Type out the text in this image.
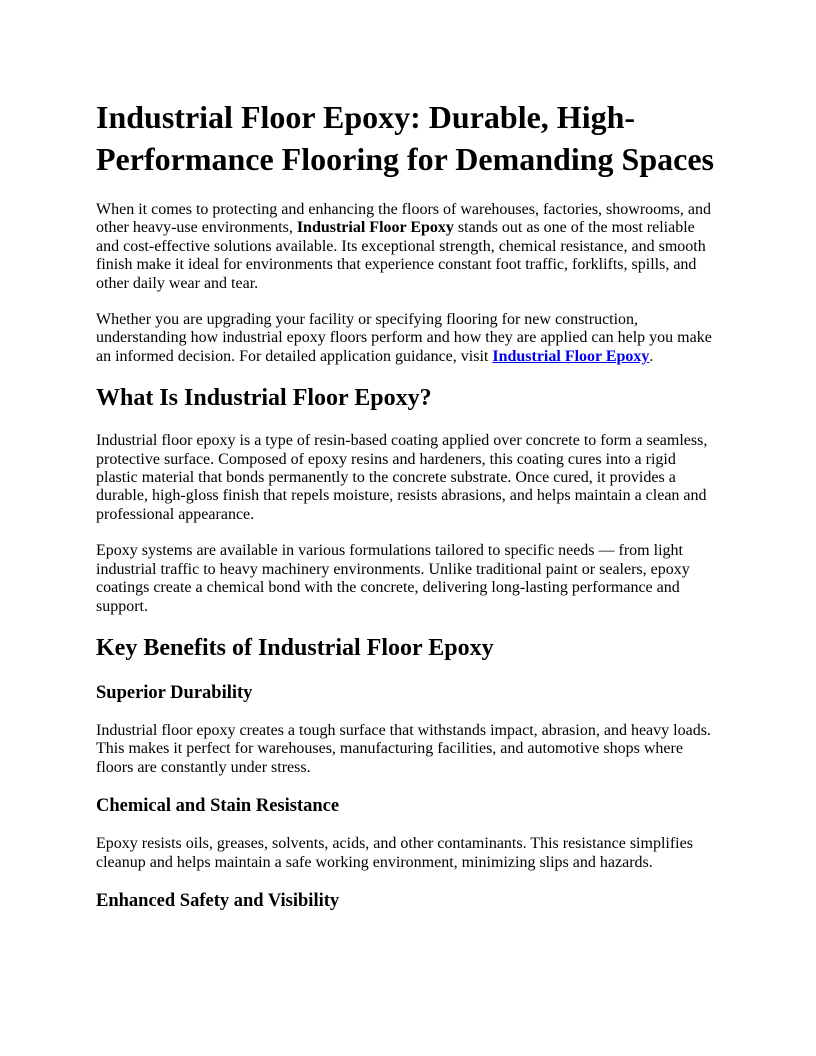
Industrial Floor Epoxy: Durable, High-Performance Flooring for Demanding Spaces

When it comes to protecting and enhancing the floors of warehouses, factories, showrooms, and other heavy-use environments, Industrial Floor Epoxy stands out as one of the most reliable and cost-effective solutions available. Its exceptional strength, chemical resistance, and smooth finish make it ideal for environments that experience constant foot traffic, forklifts, spills, and other daily wear and tear.

Whether you are upgrading your facility or specifying flooring for new construction, understanding how industrial epoxy floors perform and how they are applied can help you make an informed decision. For detailed application guidance, visit Industrial Floor Epoxy.

What Is Industrial Floor Epoxy?

Industrial floor epoxy is a type of resin-based coating applied over concrete to form a seamless, protective surface. Composed of epoxy resins and hardeners, this coating cures into a rigid plastic material that bonds permanently to the concrete substrate. Once cured, it provides a durable, high-gloss finish that repels moisture, resists abrasions, and helps maintain a clean and professional appearance.

Epoxy systems are available in various formulations tailored to specific needs — from light industrial traffic to heavy machinery environments. Unlike traditional paint or sealers, epoxy coatings create a chemical bond with the concrete, delivering long-lasting performance and support.

Key Benefits of Industrial Floor Epoxy
Superior Durability

Industrial floor epoxy creates a tough surface that withstands impact, abrasion, and heavy loads. This makes it perfect for warehouses, manufacturing facilities, and automotive shops where floors are constantly under stress.

Chemical and Stain Resistance

Epoxy resists oils, greases, solvents, acids, and other contaminants. This resistance simplifies cleanup and helps maintain a safe working environment, minimizing slips and hazards.

Enhanced Safety and Visibility
